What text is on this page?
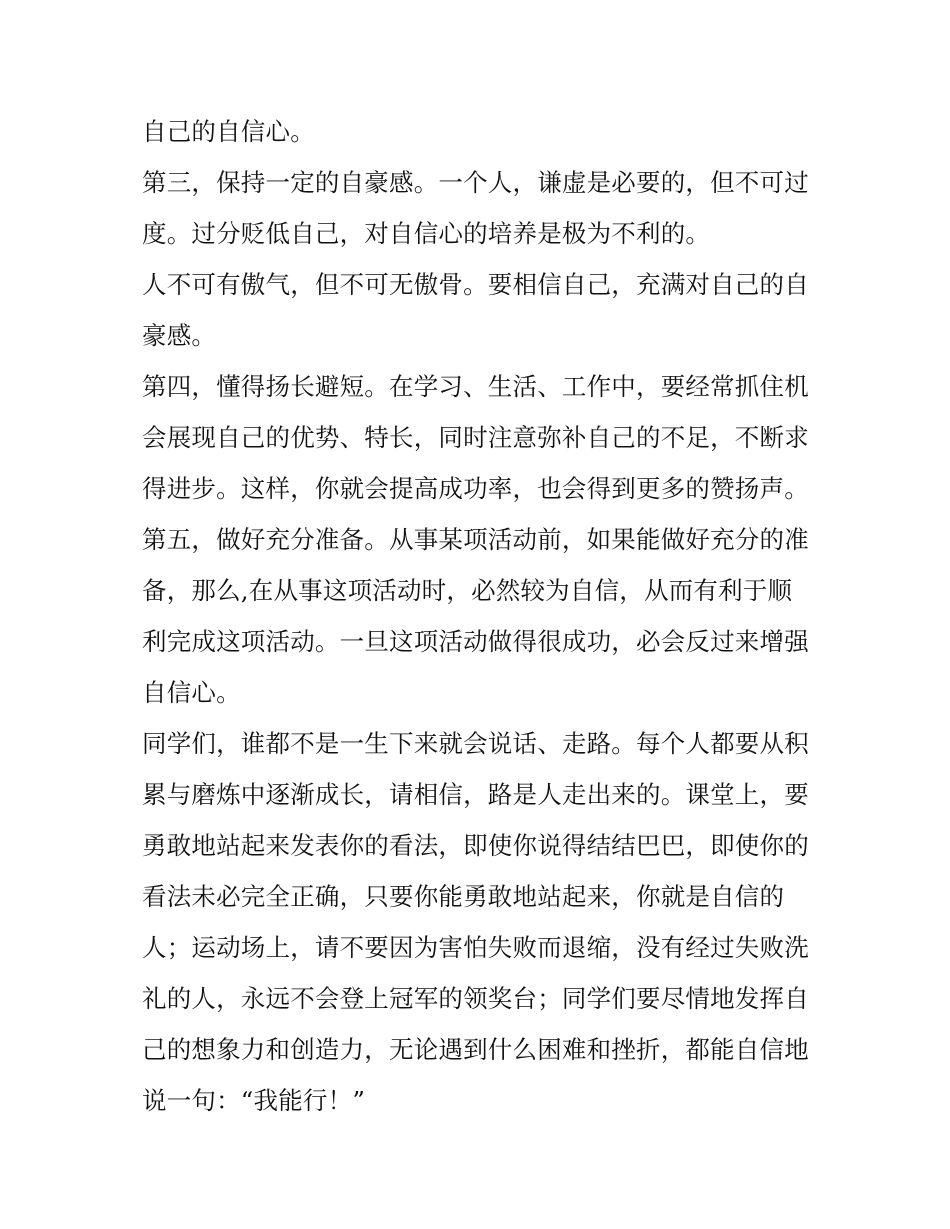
自己的自信心。
第三，保持一定的自豪感。一个人，谦虚是必要的，但不可过
度。过分贬低自己，对自信心的培养是极为不利的。
人不可有傲气，但不可无傲骨。要相信自己，充满对自己的自
豪感。
第四，懂得扬长避短。在学习、生活、工作中，要经常抓住机
会展现自己的优势、特长，同时注意弥补自己的不足，不断求
得进步。这样，你就会提高成功率，也会得到更多的赞扬声。
第五，做好充分准备。从事某项活动前，如果能做好充分的准
备，那么,在从事这项活动时，必然较为自信，从而有利于顺
利完成这项活动。一旦这项活动做得很成功，必会反过来增强
自信心。
同学们，谁都不是一生下来就会说话、走路。每个人都要从积
累与磨炼中逐渐成长，请相信，路是人走出来的。课堂上，要
勇敢地站起来发表你的看法，即使你说得结结巴巴，即使你的
看法未必完全正确，只要你能勇敢地站起来，你就是自信的
人；运动场上，请不要因为害怕失败而退缩，没有经过失败洗
礼的人，永远不会登上冠军的领奖台；同学们要尽情地发挥自
己的想象力和创造力，无论遇到什么困难和挫折，都能自信地
说一句：“我能行！”
